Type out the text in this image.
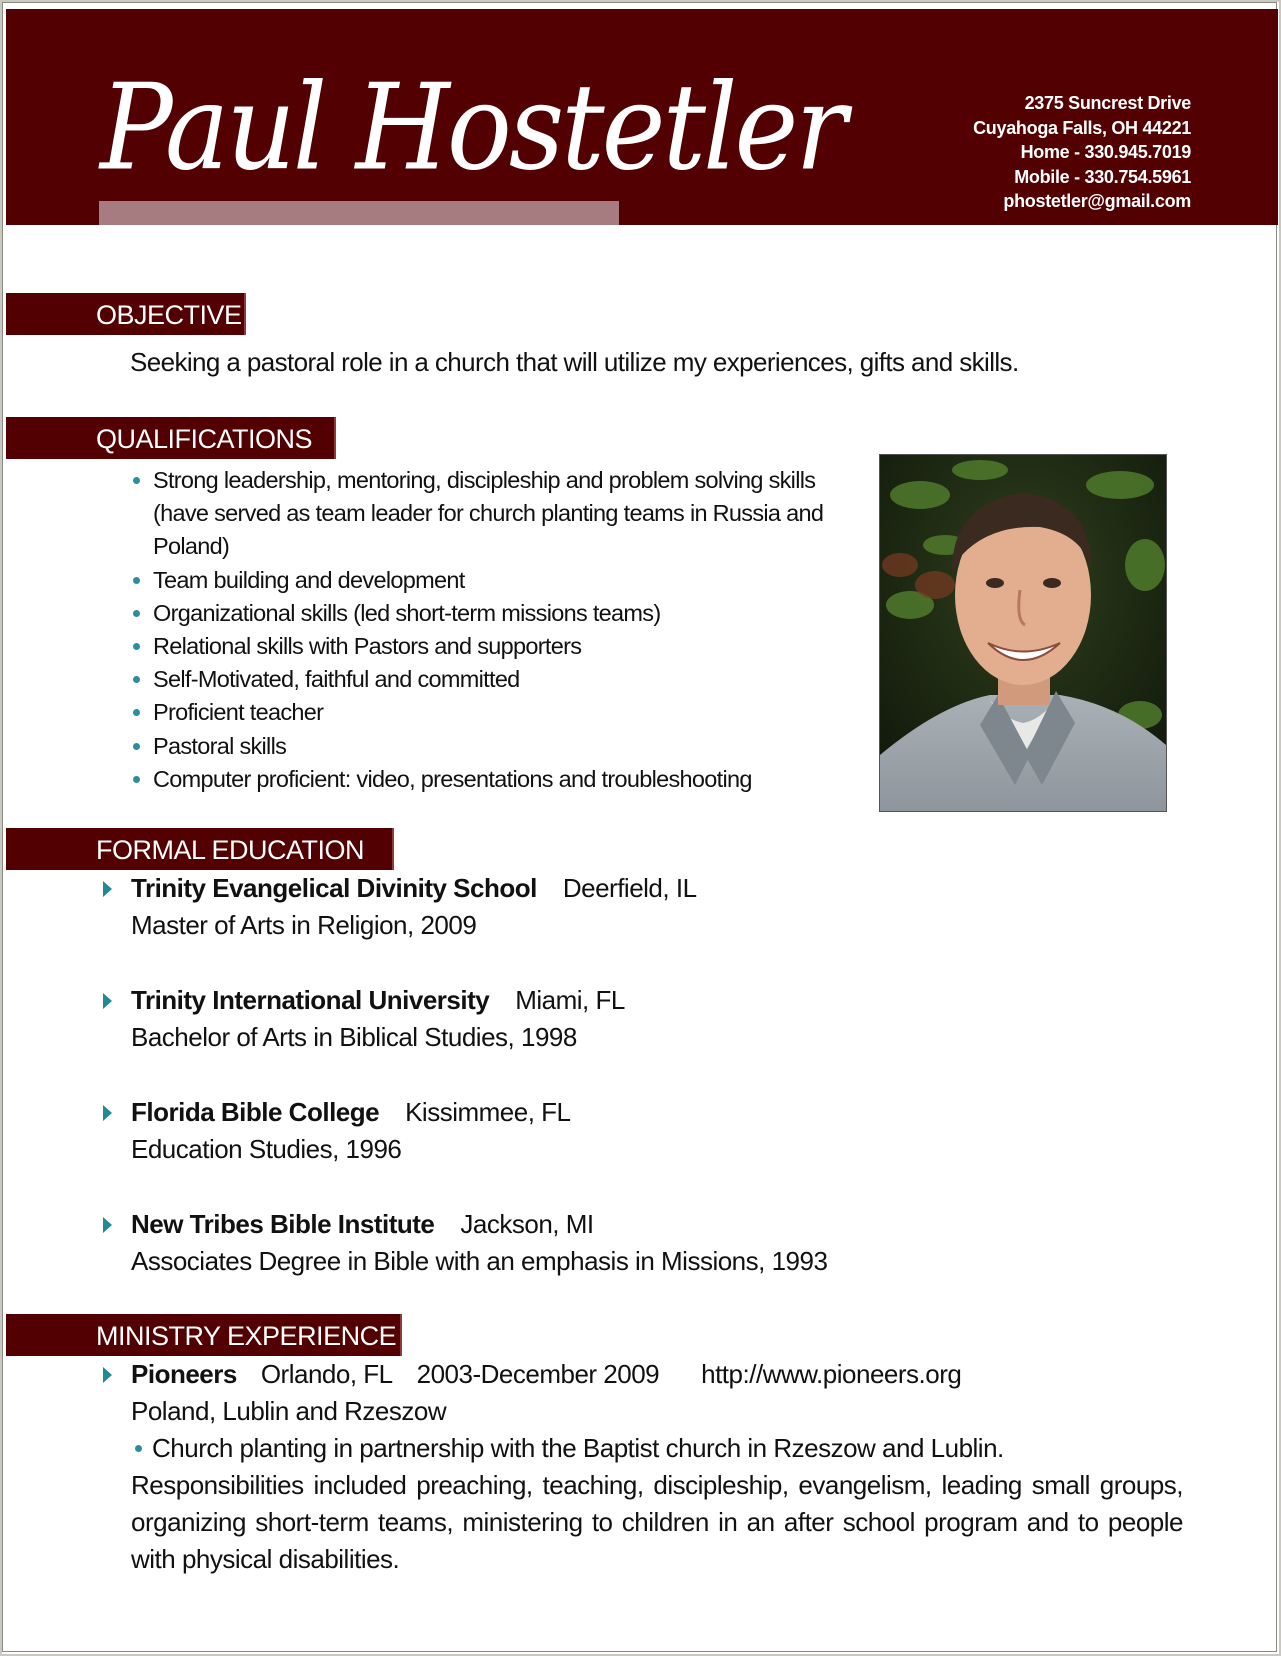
Paul Hostetler	2375 Suncrest Drive
Cuyahoga Falls, OH 44221
Home - 330.945.7019
Mobile - 330.754.5961
phostetler@gmail.com
OBJECTIVE
Seeking a pastoral role in a church that will utilize my experiences, gifts and skills.
QUALIFICATIONS
Strong leadership, mentoring, discipleship and problem solving skills (have served as team leader for church planting teams in Russia and Poland)
Team building and development
Organizational skills (led short-term missions teams)
Relational skills with Pastors and supporters
Self-Motivated, faithful and committed
Proficient teacher
Pastoral skills
Computer proficient: video, presentations and troubleshooting
FORMAL EDUCATION
Trinity Evangelical Divinity School Deerfield, IL
Master of Arts in Religion, 2009
Trinity International University Miami, FL
Bachelor of Arts in Biblical Studies, 1998
Florida Bible College Kissimmee, FL
Education Studies, 1996
New Tribes Bible Institute Jackson, MI
Associates Degree in Bible with an emphasis in Missions, 1993
MINISTRY EXPERIENCE
Pioneers Orlando, FL 2003-December 2009 http://www.pioneers.org
Poland, Lublin and Rzeszow
Church planting in partnership with the Baptist church in Rzeszow and Lublin.
Responsibilities included preaching, teaching, discipleship, evangelism, leading small groups, organizing short-term teams, ministering to children in an after school program and to people with physical disabilities.
